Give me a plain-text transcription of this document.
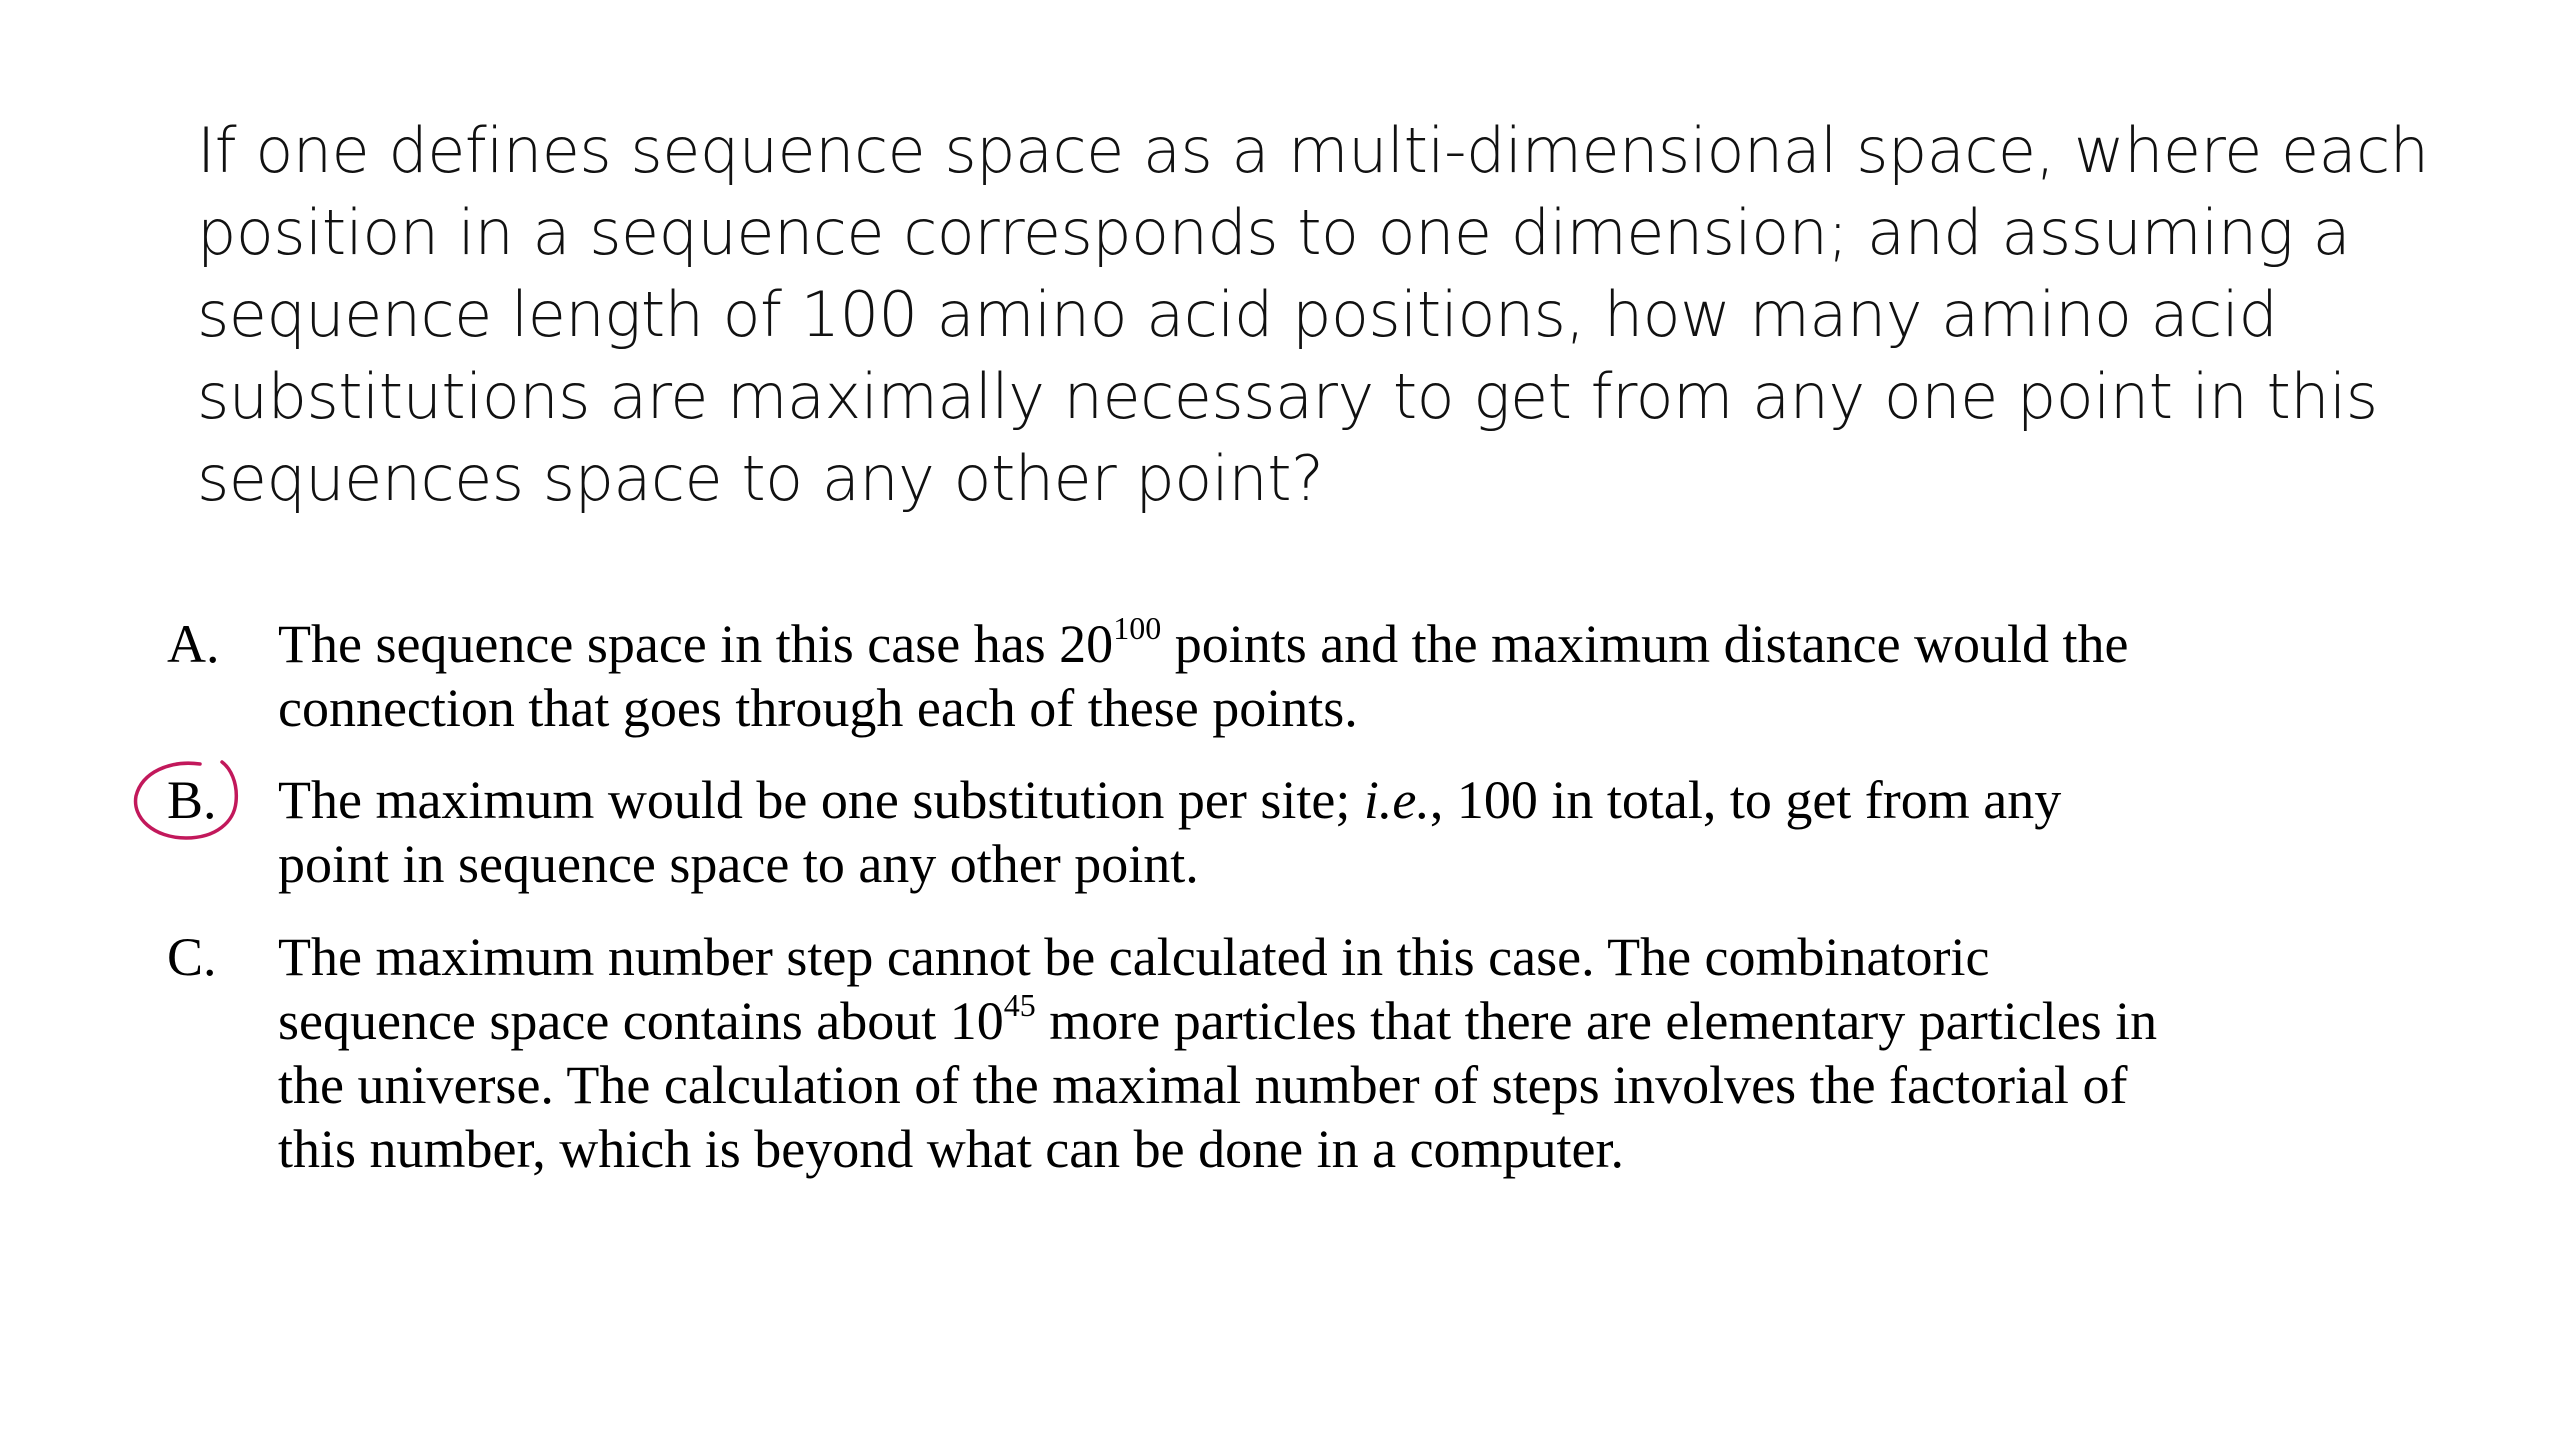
If one defines sequence space as a multi-dimensional space, where each
position in a sequence corresponds to one dimension; and assuming a
sequence length of 100 amino acid positions, how many amino acid
substitutions are maximally necessary to get from any one point in this
sequences space to any other point?
A.	The sequence space in this case has $20^{100}$ points and the maximum distance would the
connection that goes through each of these points.
B.	The maximum would be one substitution per site; i.e., 100 in total, to get from any
point in sequence space to any other point.
C.	The maximum number step cannot be calculated in this case. The combinatoric
sequence space contains about $10^{45}$ more particles that there are elementary particles in
the universe. The calculation of the maximal number of steps involves the factorial of
this number, which is beyond what can be done in a computer.
